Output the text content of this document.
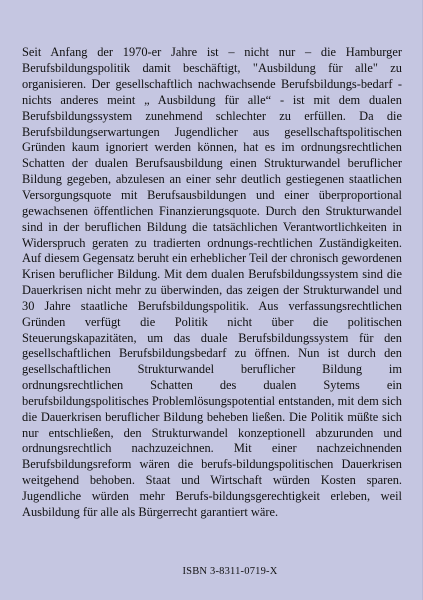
Seit Anfang der 1970-er Jahre ist – nicht nur – die Hamburger Berufsbildungspolitik damit beschäftigt, "Ausbildung für alle" zu organisieren. Der gesellschaftlich nachwachsende Berufsbildungs-bedarf - nichts anderes meint „ Ausbildung für alle“ - ist mit dem dualen Berufsbildungssystem zunehmend schlechter zu erfüllen. Da die Berufsbildungserwartungen Jugendlicher aus gesellschaftspolitischen Gründen kaum ignoriert werden können, hat es im ordnungsrechtlichen Schatten der dualen Berufsausbildung einen Strukturwandel beruflicher Bildung gegeben, abzulesen an einer sehr deutlich gestiegenen staatlichen Versorgungsquote mit Berufsausbildungen und einer überproportional gewachsenen öffentlichen Finanzierungsquote. Durch den Strukturwandel sind in der beruflichen Bildung die tatsächlichen Verantwortlichkeiten in Widerspruch geraten zu tradierten ordnungs-rechtlichen Zuständigkeiten. Auf diesem Gegensatz beruht ein erheblicher Teil der chronisch gewordenen Krisen beruflicher Bildung. Mit dem dualen Berufsbildungssystem sind die Dauerkrisen nicht mehr zu überwinden, das zeigen der Strukturwandel und 30 Jahre staatliche Berufsbildungspolitik. Aus verfassungsrechtlichen Gründen verfügt die Politik nicht über die politischen Steuerungskapazitäten, um das duale Berufsbildungssystem für den gesellschaftlichen Berufsbildungsbedarf zu öffnen. Nun ist durch den gesellschaftlichen Strukturwandel beruflicher Bildung im ordnungsrechtlichen Schatten des dualen Sytems ein berufsbildungspolitisches Problemlösungspotential entstanden, mit dem sich die Dauerkrisen beruflicher Bildung beheben ließen. Die Politik müßte sich nur entschließen, den Strukturwandel konzeptionell abzurunden und ordnungsrechtlich nachzuzeichnen. Mit einer nachzeichnenden Berufsbildungsreform wären die berufs-bildungspolitischen Dauerkrisen weitgehend behoben. Staat und Wirtschaft würden Kosten sparen. Jugendliche würden mehr Berufs-bildungsgerechtigkeit erleben, weil Ausbildung für alle als Bürgerrecht garantiert wäre.

ISBN 3-8311-0719-X
